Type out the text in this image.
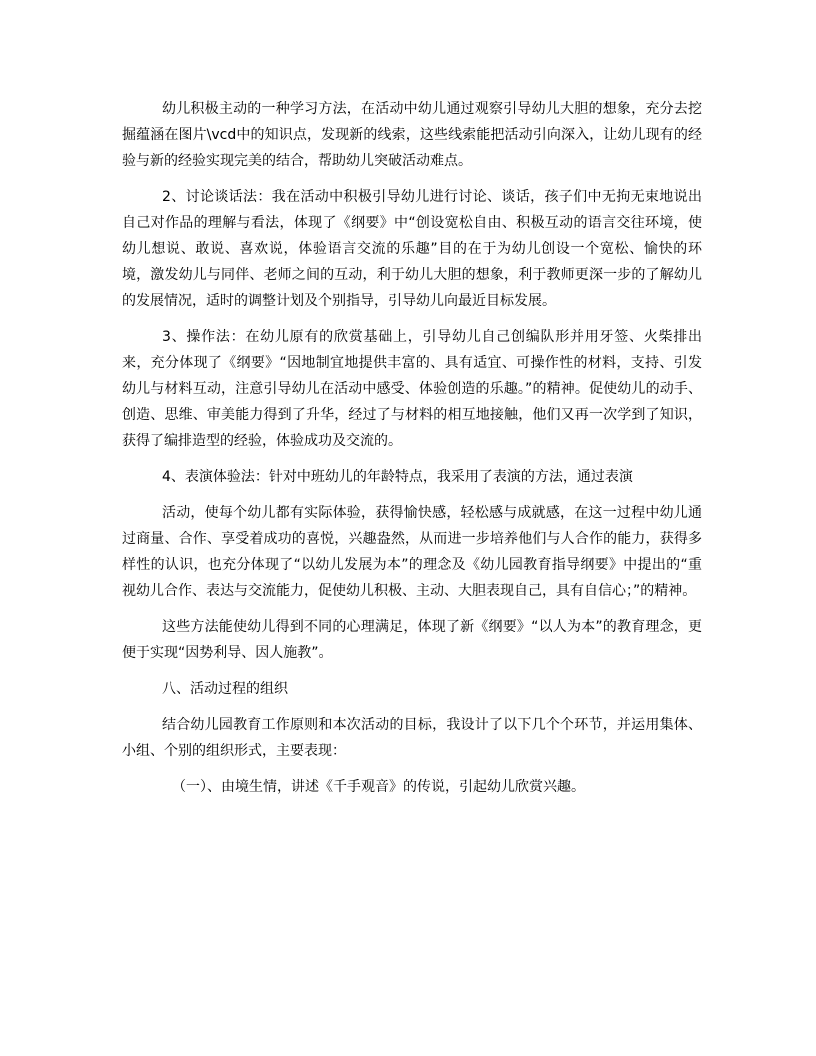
幼儿积极主动的一种学习方法，在活动中幼儿通过观察引导幼儿大胆的想象，充分去挖掘蕴涵在图片\vcd中的知识点，发现新的线索，这些线索能把活动引向深入，让幼儿现有的经验与新的经验实现完美的结合，帮助幼儿突破活动难点。

2、讨论谈话法：我在活动中积极引导幼儿进行讨论、谈话，孩子们中无拘无束地说出自己对作品的理解与看法，体现了《纲要》中“创设宽松自由、积极互动的语言交往环境，使幼儿想说、敢说、喜欢说，体验语言交流的乐趣”目的在于为幼儿创设一个宽松、愉快的环境，激发幼儿与同伴、老师之间的互动，利于幼儿大胆的想象，利于教师更深一步的了解幼儿的发展情况，适时的调整计划及个别指导，引导幼儿向最近目标发展。

3、操作法：在幼儿原有的欣赏基础上，引导幼儿自己创编队形并用牙签、火柴排出来，充分体现了《纲要》“因地制宜地提供丰富的、具有适宜、可操作性的材料，支持、引发幼儿与材料互动，注意引导幼儿在活动中感受、体验创造的乐趣。”的精神。促使幼儿的动手、创造、思维、审美能力得到了升华，经过了与材料的相互地接触，他们又再一次学到了知识，获得了编排造型的经验，体验成功及交流的。

4、表演体验法：针对中班幼儿的年龄特点，我采用了表演的方法，通过表演

活动，使每个幼儿都有实际体验，获得愉快感，轻松感与成就感，在这一过程中幼儿通过商量、合作、享受着成功的喜悦，兴趣盎然，从而进一步培养他们与人合作的能力，获得多样性的认识，也充分体现了“以幼儿发展为本”的理念及《幼儿园教育指导纲要》中提出的“重视幼儿合作、表达与交流能力，促使幼儿积极、主动、大胆表现自己，具有自信心；”的精神。

这些方法能使幼儿得到不同的心理满足，体现了新《纲要》“以人为本”的教育理念，更便于实现“因势利导、因人施教”。

八、活动过程的组织

结合幼儿园教育工作原则和本次活动的目标，我设计了以下几个个环节，并运用集体、小组、个别的组织形式，主要表现：

（一）、由境生情，讲述《千手观音》的传说，引起幼儿欣赏兴趣。
